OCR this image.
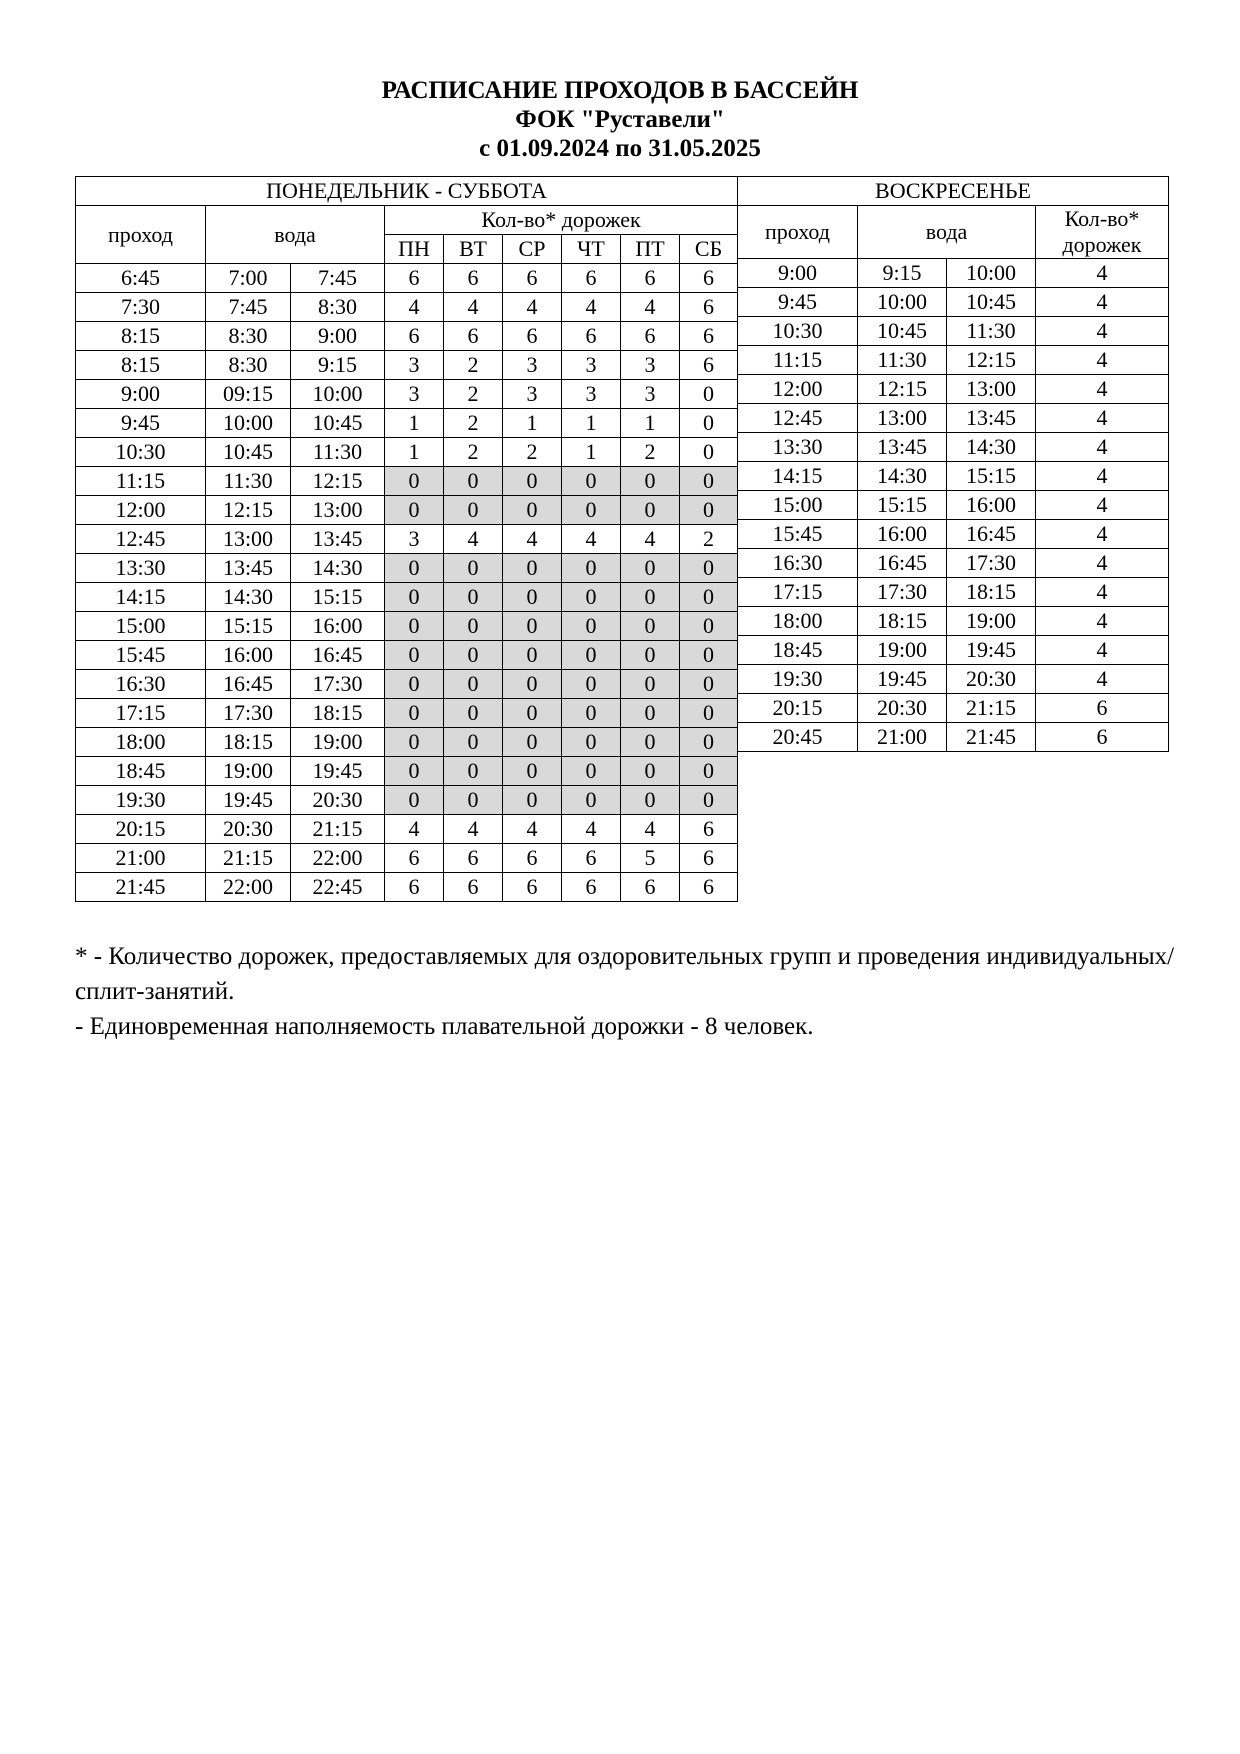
РАСПИСАНИЕ ПРОХОДОВ В БАССЕЙН
ФОК "Руставели"
с 01.09.2024 по 31.05.2025
ПОНЕДЕЛЬНИК - СУББОТА								
проход	вода		Кол-во* дорожек					
			ПН	ВТ	СР	ЧТ	ПТ	СБ
6:45	7:00	7:45	6	6	6	6	6	6
7:30	7:45	8:30	4	4	4	4	4	6
8:15	8:30	9:00	6	6	6	6	6	6
8:15	8:30	9:15	3	2	3	3	3	6
9:00	09:15	10:00	3	2	3	3	3	0
9:45	10:00	10:45	1	2	1	1	1	0
10:30	10:45	11:30	1	2	2	1	2	0
11:15	11:30	12:15	0	0	0	0	0	0
12:00	12:15	13:00	0	0	0	0	0	0
12:45	13:00	13:45	3	4	4	4	4	2
13:30	13:45	14:30	0	0	0	0	0	0
14:15	14:30	15:15	0	0	0	0	0	0
15:00	15:15	16:00	0	0	0	0	0	0
15:45	16:00	16:45	0	0	0	0	0	0
16:30	16:45	17:30	0	0	0	0	0	0
17:15	17:30	18:15	0	0	0	0	0	0
18:00	18:15	19:00	0	0	0	0	0	0
18:45	19:00	19:45	0	0	0	0	0	0
19:30	19:45	20:30	0	0	0	0	0	0
20:15	20:30	21:15	4	4	4	4	4	6
21:00	21:15	22:00	6	6	6	6	5	6
21:45	22:00	22:45	6	6	6	6	6	6
ВОСКРЕСЕНЬЕ			
проход	вода		Кол-во*
дорожек

9:00	9:15	10:00	4
9:45	10:00	10:45	4
10:30	10:45	11:30	4
11:15	11:30	12:15	4
12:00	12:15	13:00	4
12:45	13:00	13:45	4
13:30	13:45	14:30	4
14:15	14:30	15:15	4
15:00	15:15	16:00	4
15:45	16:00	16:45	4
16:30	16:45	17:30	4
17:15	17:30	18:15	4
18:00	18:15	19:00	4
18:45	19:00	19:45	4
19:30	19:45	20:30	4
20:15	20:30	21:15	6
20:45	21:00	21:45	6

* - Количество дорожек, предоставляемых для оздоровительных групп и проведения индивидуальных/сплит-занятий.

- Единовременная наполняемость плавательной дорожки - 8 человек.
